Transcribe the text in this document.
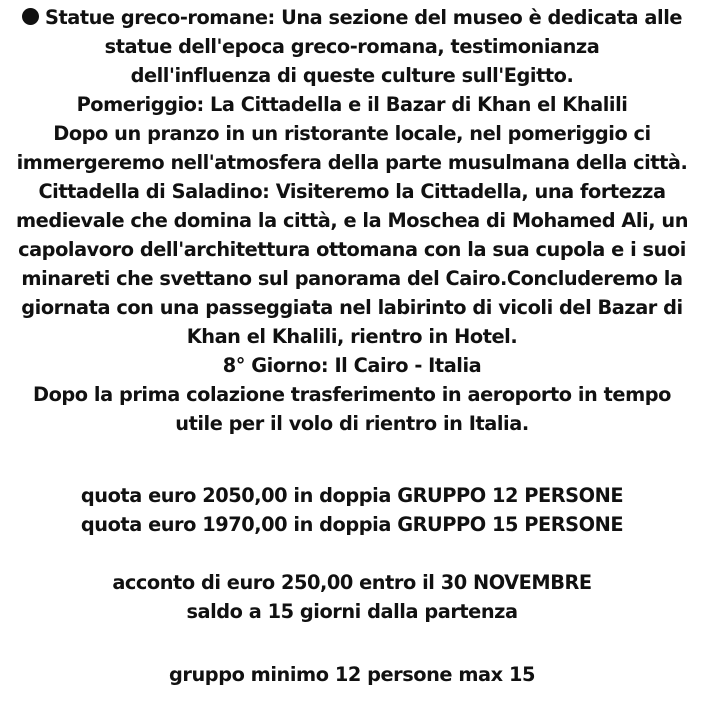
Statue greco-romane: Una sezione del museo è dedicata alle
statue dell'epoca greco-romana, testimonianza
dell'influenza di queste culture sull'Egitto.
Pomeriggio: La Cittadella e il Bazar di Khan el Khalili
Dopo un pranzo in un ristorante locale, nel pomeriggio ci
immergeremo nell'atmosfera della parte musulmana della città.
Cittadella di Saladino: Visiteremo la Cittadella, una fortezza
medievale che domina la città, e la Moschea di Mohamed Ali, un
capolavoro dell'architettura ottomana con la sua cupola e i suoi
minareti che svettano sul panorama del Cairo.Concluderemo la
giornata con una passeggiata nel labirinto di vicoli del Bazar di
Khan el Khalili, rientro in Hotel.
8° Giorno: Il Cairo - Italia
Dopo la prima colazione trasferimento in aeroporto in tempo
utile per il volo di rientro in Italia.
quota euro 2050,00 in doppia GRUPPO 12 PERSONE
quota euro 1970,00 in doppia GRUPPO 15 PERSONE
acconto di euro 250,00 entro il 30 NOVEMBRE
saldo a 15 giorni dalla partenza
gruppo minimo 12 persone max 15
